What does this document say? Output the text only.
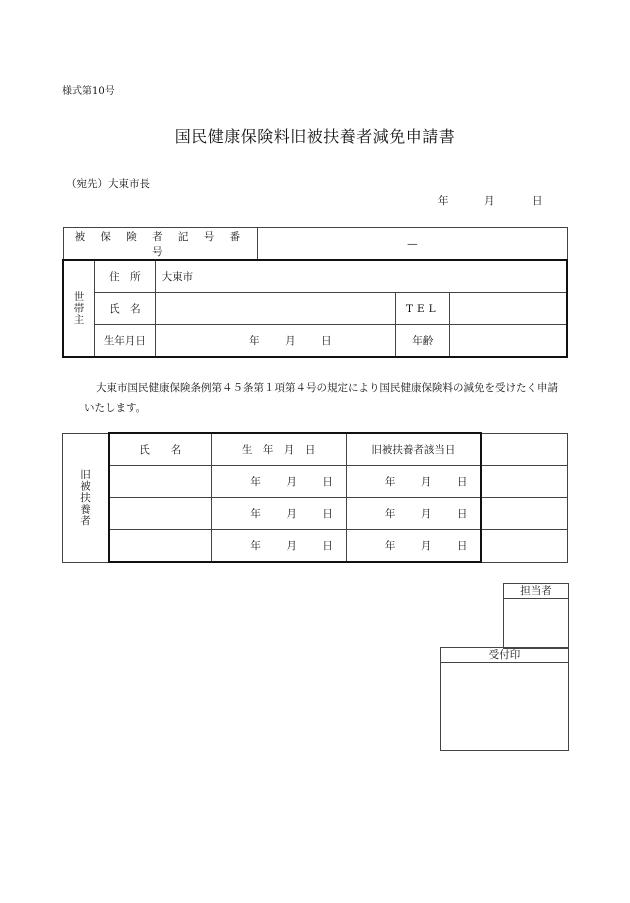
様式第10号
国民健康保険料旧被扶養者減免申請書
（宛先）大東市長
年	月	日
被 保 険 者 記 号 番 号			—		

世帯主	住　所	大東市			
	氏　名			TEL	
	生年月日	年 月 日		年齢	
大東市国民健康保険条例第４５条第１項第４号の規定により国民健康保険料の減免を受けたく申請いたします。
旧被扶養者	氏　　名	生　年　月　日	旧被扶養者該当日	

		年 月 日	年 月 日	

		年 月 日	年 月 日	

		年 月 日	年 月 日	

担当者
受付印
